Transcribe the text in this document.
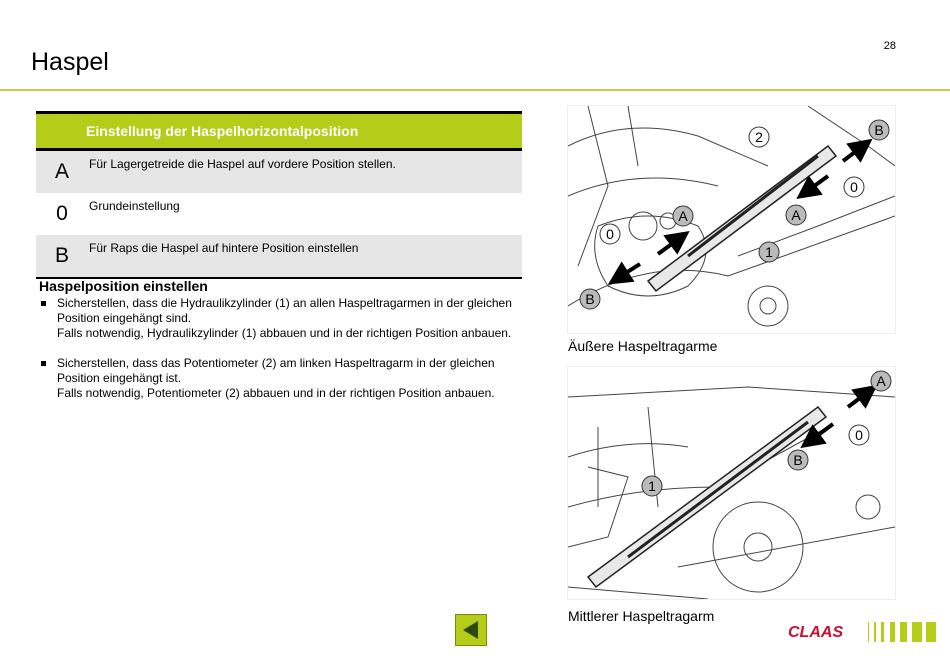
28
Haspel
Einstellung der Haspelhorizontalposition	
A	Für Lagergetreide die Haspel auf vordere Position stellen.
0	Grundeinstellung
B	Für Raps die Haspel auf hintere Position einstellen
Haspelposition einstellen
Sicherstellen, dass die Hydraulikzylinder (1) an allen Haspeltragarmen in der gleichen
Position eingehängt sind.
Falls notwendig, Hydraulikzylinder (1) abbauen und in der richtigen Position anbauen.
Sicherstellen, dass das Potentiometer (2) am linken Haspeltragarm in der gleichen
Position eingehängt ist.
Falls notwendig, Potentiometer (2) abbauen und in der richtigen Position anbauen.
2	B
0
A
A
0
1
B
Äußere Haspeltragarme
A
0
B
1
Mittlerer Haspeltragarm
CLAAS
